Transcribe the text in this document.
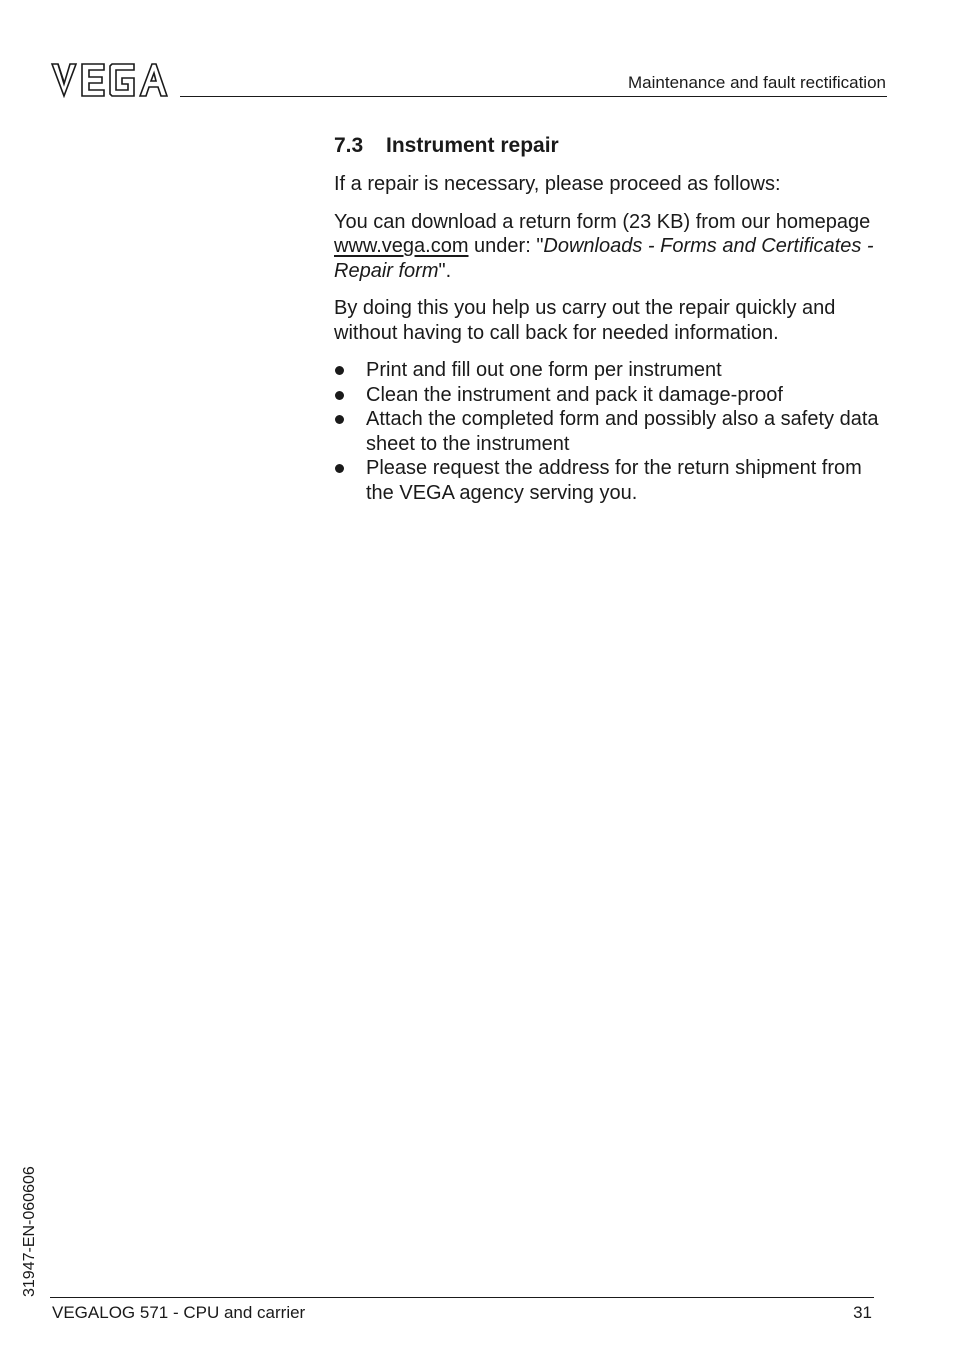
Maintenance and fault rectification
7.3 Instrument repair

If a repair is necessary, please proceed as follows:

You can download a return form (23 KB) from our homepage www.vega.com under: "Downloads - Forms and Certificates - Repair form".

By doing this you help us carry out the repair quickly and without having to call back for needed information.

Print and fill out one form per instrument
Clean the instrument and pack it damage-proof
Attach the completed form and possibly also a safety data sheet to the instrument
Please request the address for the return shipment from the VEGA agency serving you.
31947-EN-060606
VEGALOG 571 - CPU and carrier	31
